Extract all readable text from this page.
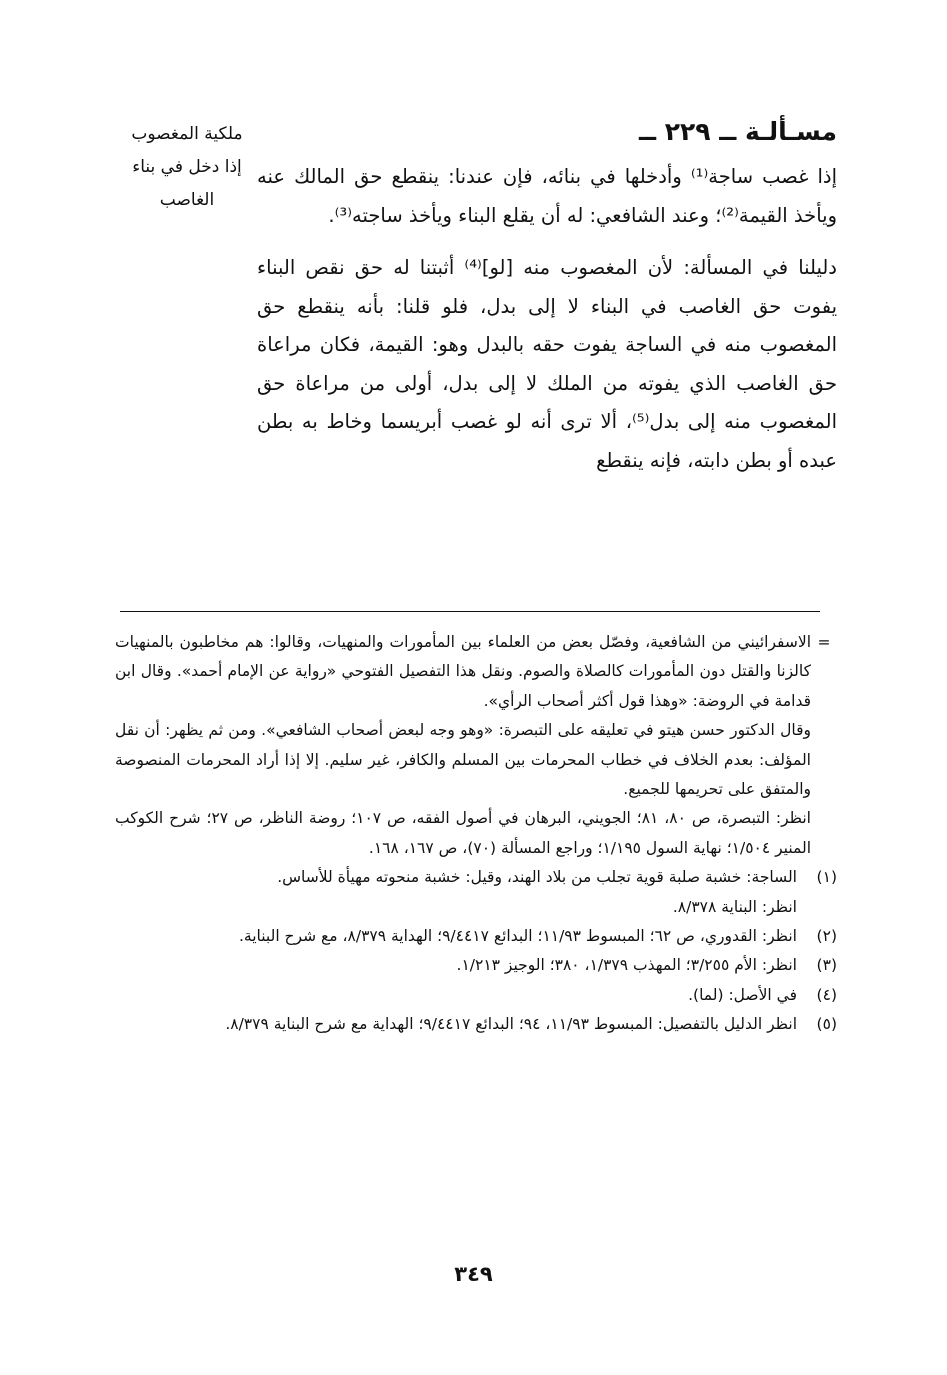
ملكية المغصوب
إذا دخل في بناء
الغاصب
مسـألـة ــ ٢٢٩ ــ

إذا غصب ساجة⁽¹⁾ وأدخلها في بنائه، فإن عندنا: ينقطع حق المالك عنه ويأخذ القيمة⁽²⁾؛ وعند الشافعي: له أن يقلع البناء ويأخذ ساجته⁽³⁾.

دليلنا في المسألة: لأن المغصوب منه [لو]⁽⁴⁾ أثبتنا له حق نقص البناء يفوت حق الغاصب في البناء لا إلى بدل، فلو قلنا: بأنه ينقطع حق المغصوب منه في الساجة يفوت حقه بالبدل وهو: القيمة، فكان مراعاة حق الغاصب الذي يفوته من الملك لا إلى بدل، أولى من مراعاة حق المغصوب منه إلى بدل⁽⁵⁾، ألا ترى أنه لو غصب أبريسما وخاط به بطن عبده أو بطن دابته، فإنه ينقطع

=

الاسفرائيني من الشافعية، وفصّل بعض من العلماء بين المأمورات والمنهيات، وقالوا: هم مخاطبون بالمنهيات كالزنا والقتل دون المأمورات كالصلاة والصوم. ونقل هذا التفصيل الفتوحي «رواية عن الإمام أحمد». وقال ابن قدامة في الروضة: «وهذا قول أكثر أصحاب الرأي».

وقال الدكتور حسن هيتو في تعليقه على التبصرة: «وهو وجه لبعض أصحاب الشافعي». ومن ثم يظهر: أن نقل المؤلف: بعدم الخلاف في خطاب المحرمات بين المسلم والكافر، غير سليم. إلا إذا أراد المحرمات المنصوصة والمتفق على تحريمها للجميع.

انظر: التبصرة، ص ٨٠، ٨١؛ الجويني، البرهان في أصول الفقه، ص ١٠٧؛ روضة الناظر، ص ٢٧؛ شرح الكوكب المنير ١/٥٠٤؛ نهاية السول ١/١٩٥؛ وراجع المسألة (٧٠)، ص ١٦٧، ١٦٨.

(١)

الساجة: خشبة صلبة قوية تجلب من بلاد الهند، وقيل: خشبة منحوته مهيأة للأساس.

انظر: البناية ٨/٣٧٨.

(٢)

انظر: القدوري، ص ٦٢؛ المبسوط ١١/٩٣؛ البدائع ٩/٤٤١٧؛ الهداية ٨/٣٧٩، مع شرح البناية.

(٣)

انظر: الأم ٣/٢٥٥؛ المهذب ١/٣٧٩، ٣٨٠؛ الوجيز ١/٢١٣.

(٤)

في الأصل: (لما).

(٥)

انظر الدليل بالتفصيل: المبسوط ١١/٩٣، ٩٤؛ البدائع ٩/٤٤١٧؛ الهداية مع شرح البناية ٨/٣٧٩.

٣٤٩
